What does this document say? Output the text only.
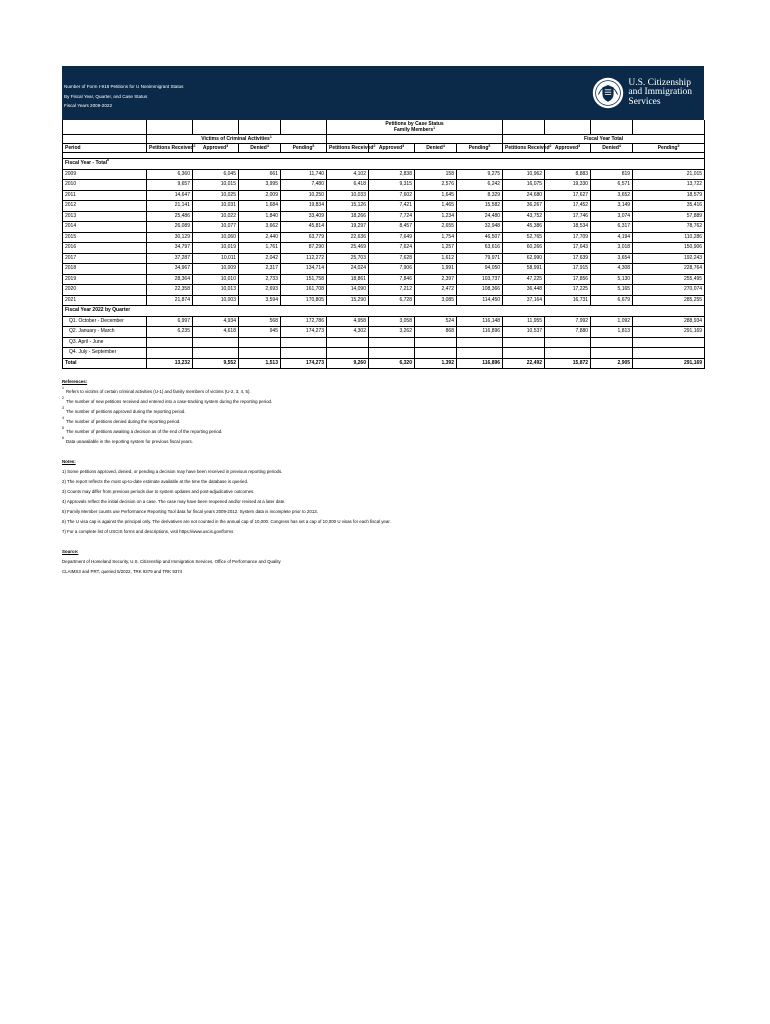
Number of Form I-918 Petitions for U Nonimmigrant Status
By Fiscal Year, Quarter, and Case Status
Fiscal Years 2009-2022
U.S. Citizenship
and Immigration
Services

					Petitions by Case Status
Family Members$^1$

	Victims of Criminal Activities$^1$								Fiscal Year Total			
Period	Petitions Received$^2$	Approved$^3$	Denied$^4$	Pending$^5$	Petitions Received$^2$	Approved$^3$	Denied$^4$	Pending$^5$	Petitions Received$^2$	Approved$^3$	Denied$^4$	Pending$^5$

Fiscal Year - Total$^6$
2009	6,360	6,045	661	11,740	4,102	2,838	158	9,275	10,962	8,883	819	21,015
2010	9,657	10,015	3,995	7,480	6,418	9,315	2,576	6,242	16,075	19,330	6,571	13,722
2011	14,647	10,025	2,009	10,250	10,033	7,602	1,645	8,329	24,680	17,627	3,652	18,579
2012	21,141	10,031	1,684	19,834	15,126	7,421	1,465	15,582	36,267	17,452	3,149	35,416
2013	25,486	10,022	1,840	33,409	18,266	7,724	1,234	24,480	43,752	17,746	3,074	57,889
2014	26,089	10,077	3,662	45,814	19,297	8,457	2,655	32,948	45,386	18,534	6,317	78,762
2015	30,129	10,060	2,440	63,779	22,636	7,649	1,754	46,507	52,765	17,709	4,194	110,286
2016	34,797	10,019	1,761	87,290	25,469	7,624	1,257	63,616	60,266	17,643	3,018	150,906
2017	37,287	10,011	2,042	112,272	25,703	7,628	1,612	79,971	62,990	17,639	3,654	192,243
2018	34,967	10,009	2,317	134,714	24,024	7,906	1,991	94,050	58,991	17,915	4,308	228,764
2019	28,364	10,010	2,733	151,758	18,861	7,846	2,397	103,737	47,225	17,856	5,130	255,495
2020	22,358	10,013	2,693	161,708	14,090	7,212	2,472	108,366	36,448	17,225	5,165	270,074
2021	21,874	10,003	3,594	170,805	15,290	6,728	3,085	114,450	37,164	16,731	6,679	285,255
Fiscal Year 2022 by Quarter												
Q1. October - December	6,997	4,934	568	172,786	4,958	3,058	524	116,148	11,955	7,992	1,092	288,934
Q2. January - March	6,235	4,618	945	174,273	4,302	3,262	868	116,896	10,537	7,880	1,813	291,169
Q3. April - June												
Q4. July - September												
Total	13,232	9,552	1,513	174,273	9,260	6,320	1,392	116,896	22,492	15,872	2,905	291,169
References:
$^1$Refers to victims of certain criminal activities (U-1) and family members of victims (U-2, 3, 4, 5).
$^2$The number of new petitions received and entered into a case-tracking system during the reporting period.
$^3$The number of petitions approved during the reporting period.
$^4$The number of petitions denied during the reporting period.
$^5$The number of petitions awaiting a decision as of the end of the reporting period.
$^6$Data unavailable in the reporting system for previous fiscal years.
Notes:
1) Some petitions approved, denied, or pending a decision may have been received in previous reporting periods.
2) The report reflects the most up-to-date estimate available at the time the database is queried.
3) Counts may differ from previous periods due to system updates and post-adjudicative outcomes.
4) Approvals reflect the initial decision on a case. The case may have been reopened and/or revised at a later date.
5) Family Member counts use Performance Reporting Tool data for fiscal years 2009-2012. System data is incomplete prior to 2013.
6) The U visa cap is against the principal only. The derivatives are not counted in the annual cap of 10,000. Congress has set a cap of 10,000 U visas for each fiscal year.
7) For a complete list of USCIS forms and descriptions, visit https://www.uscis.gov/forms
Source:
Department of Homeland Security, U.S. Citizenship and Immigration Services, Office of Performance and Quality
CLAIMS3 and PRT, queried 5/2022, TRK 9379 and TRK 9374
